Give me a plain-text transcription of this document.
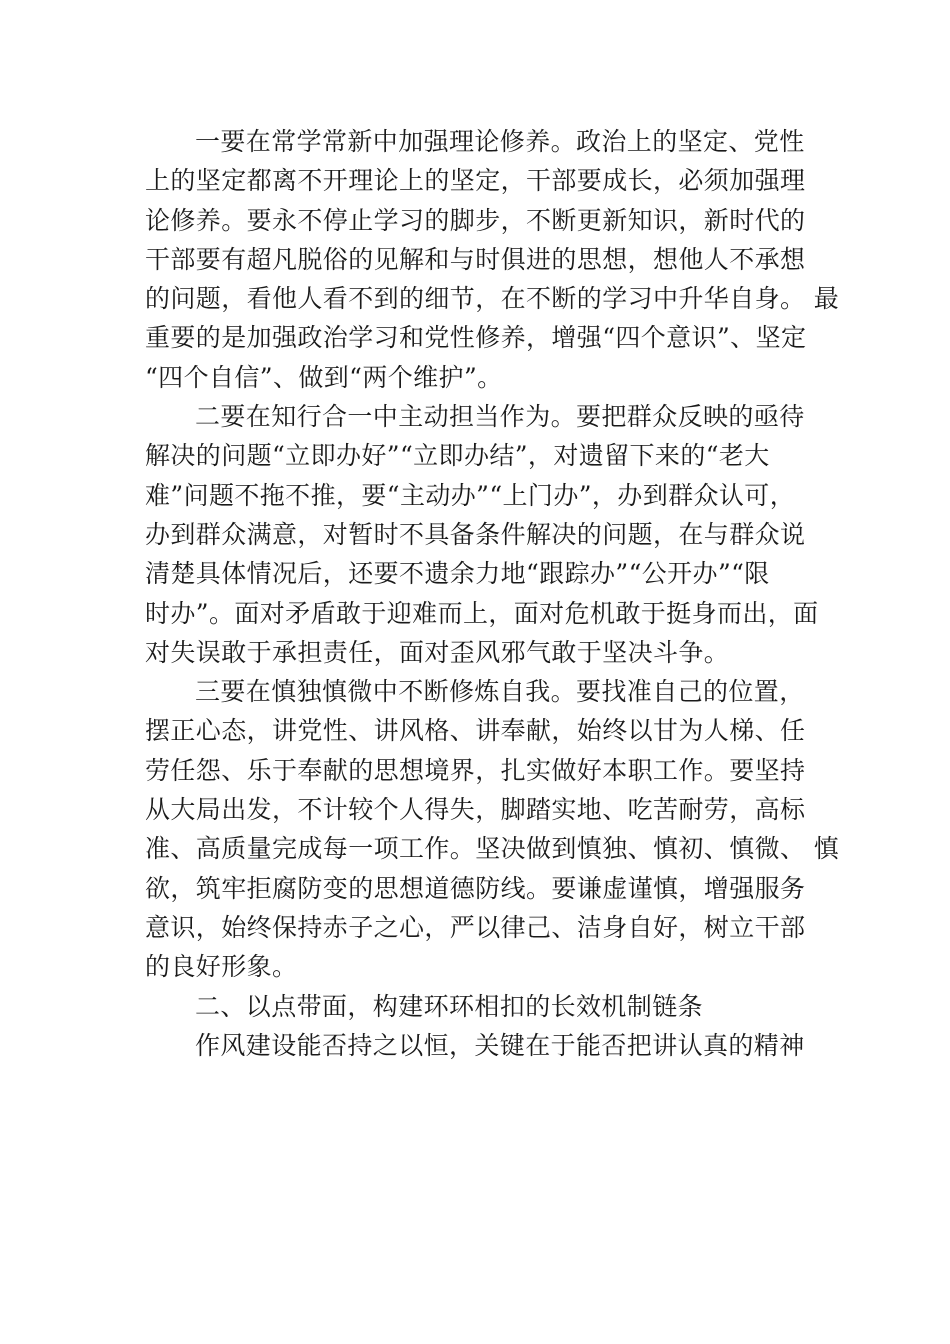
一要在常学常新中加强理论修养。政治上的坚定、党性
上的坚定都离不开理论上的坚定，干部要成长，必须加强理
论修养。要永不停止学习的脚步，不断更新知识，新时代的
干部要有超凡脱俗的见解和与时俱进的思想，想他人不承想
的问题，看他人看不到的细节，在不断的学习中升华自身。 最
重要的是加强政治学习和党性修养，增强“四个意识”、坚定
“四个自信”、做到“两个维护”。
二要在知行合一中主动担当作为。要把群众反映的亟待
解决的问题“立即办好”“立即办结”，对遗留下来的“老大
难”问题不拖不推，要“主动办”“上门办”，办到群众认可，
办到群众满意，对暂时不具备条件解决的问题，在与群众说
清楚具体情况后，还要不遗余力地“跟踪办”“公开办”“限
时办”。面对矛盾敢于迎难而上，面对危机敢于挺身而出，面
对失误敢于承担责任，面对歪风邪气敢于坚决斗争。
三要在慎独慎微中不断修炼自我。要找准自己的位置，
摆正心态，讲党性、讲风格、讲奉献，始终以甘为人梯、任
劳任怨、乐于奉献的思想境界，扎实做好本职工作。要坚持
从大局出发，不计较个人得失，脚踏实地、吃苦耐劳，高标
准、高质量完成每一项工作。坚决做到慎独、慎初、慎微、 慎
欲，筑牢拒腐防变的思想道德防线。要谦虚谨慎，增强服务
意识，始终保持赤子之心，严以律己、洁身自好，树立干部
的良好形象。
二、以点带面，构建环环相扣的长效机制链条
作风建设能否持之以恒，关键在于能否把讲认真的精神
